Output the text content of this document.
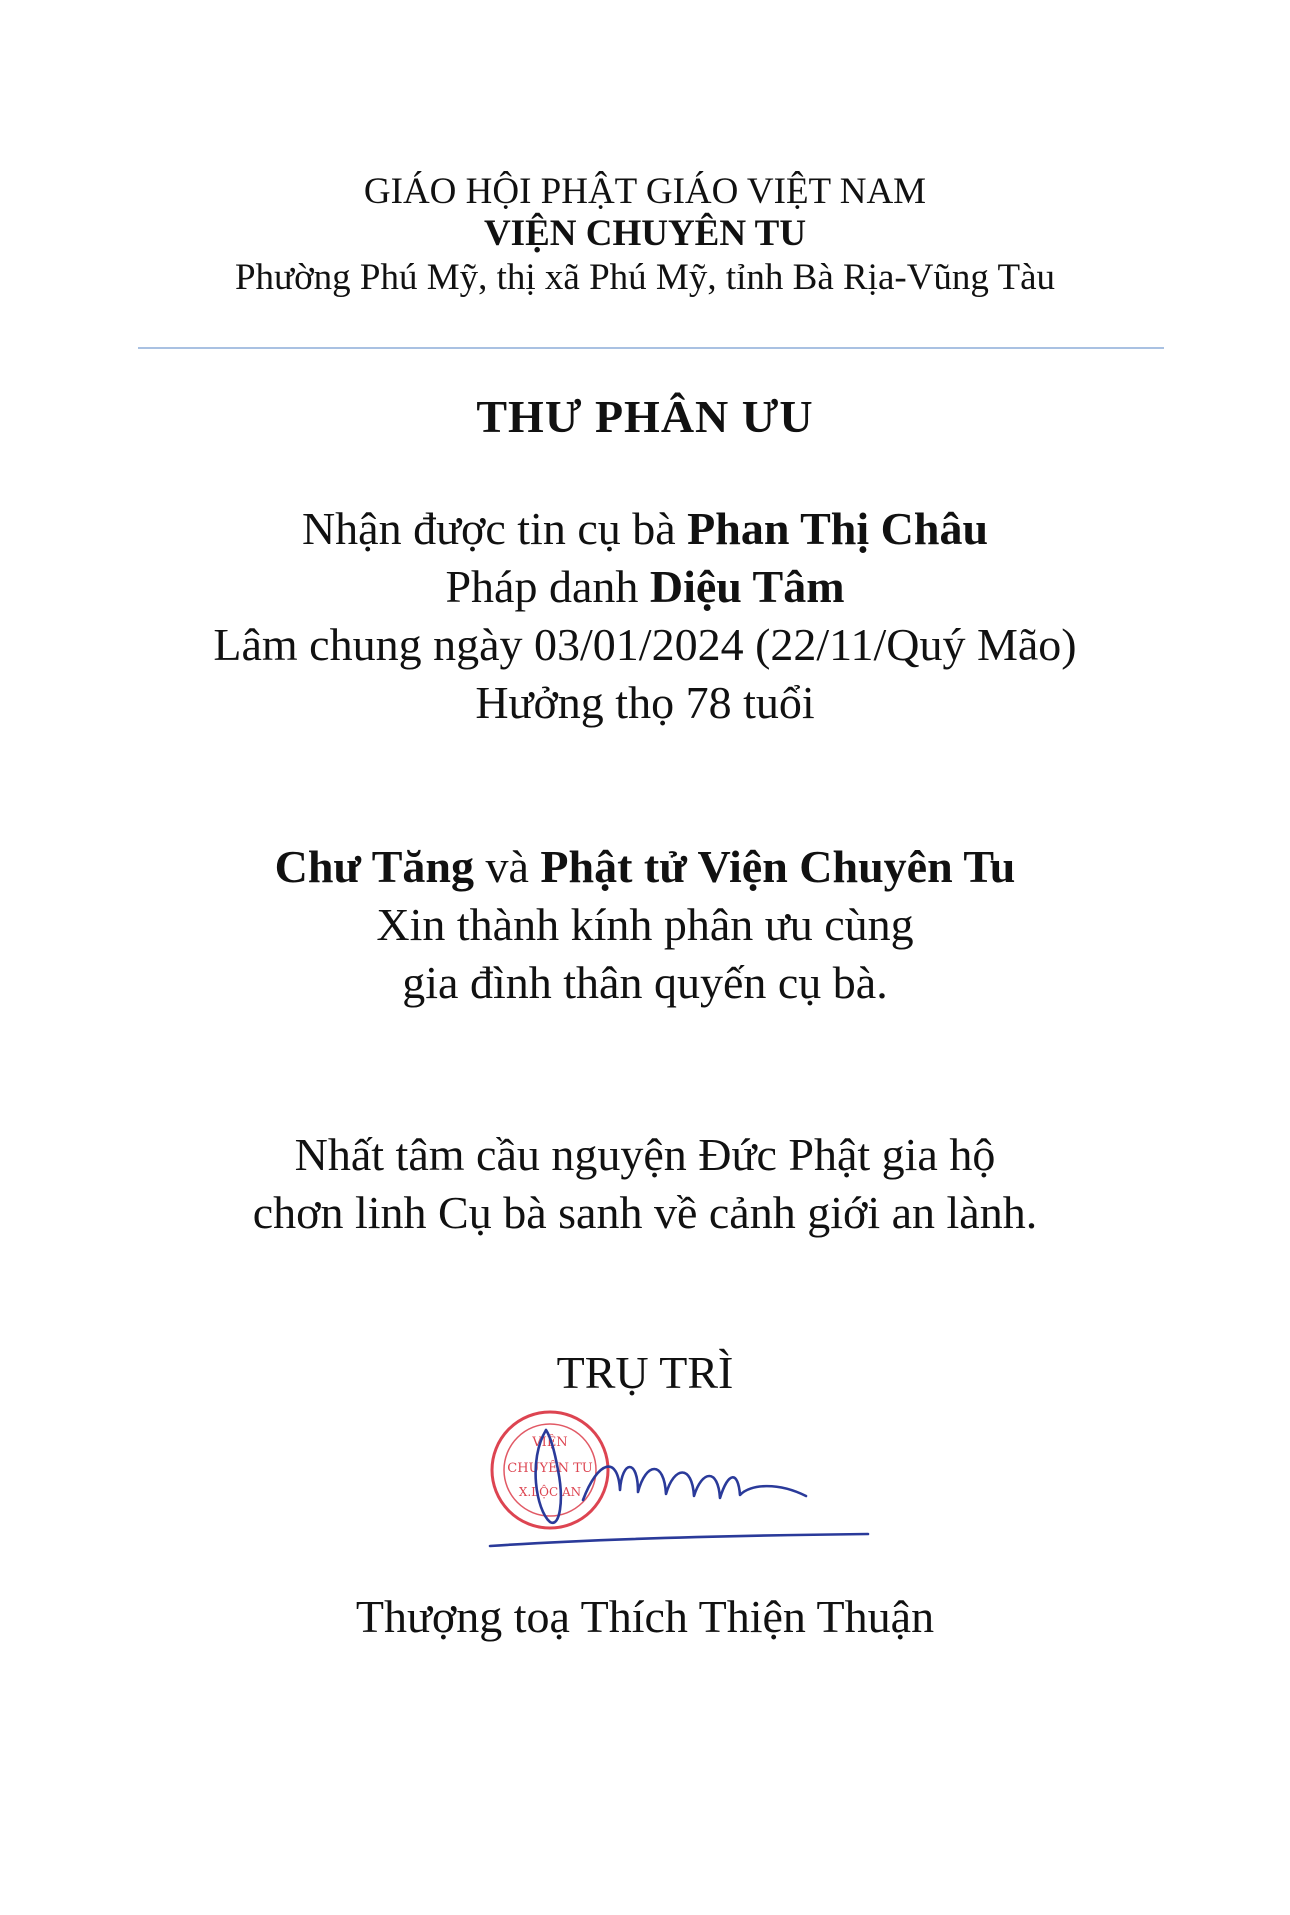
GIÁO HỘI PHẬT GIÁO VIỆT NAM
VIỆN CHUYÊN TU
Phường Phú Mỹ, thị xã Phú Mỹ, tỉnh Bà Rịa-Vũng Tàu
THƯ PHÂN ƯU
Nhận được tin cụ bà Phan Thị Châu
Pháp danh Diệu Tâm
Lâm chung ngày 03/01/2024 (22/11/Quý Mão)
Hưởng thọ 78 tuổi
Chư Tăng và Phật tử Viện Chuyên Tu
Xin thành kính phân ưu cùng
gia đình thân quyến cụ bà.
Nhất tâm cầu nguyện Đức Phật gia hộ
chơn linh Cụ bà sanh về cảnh giới an lành.
TRỤ TRÌ
VIỆN
CHUYÊN TU
X.LỘC AN
Thượng toạ Thích Thiện Thuận
